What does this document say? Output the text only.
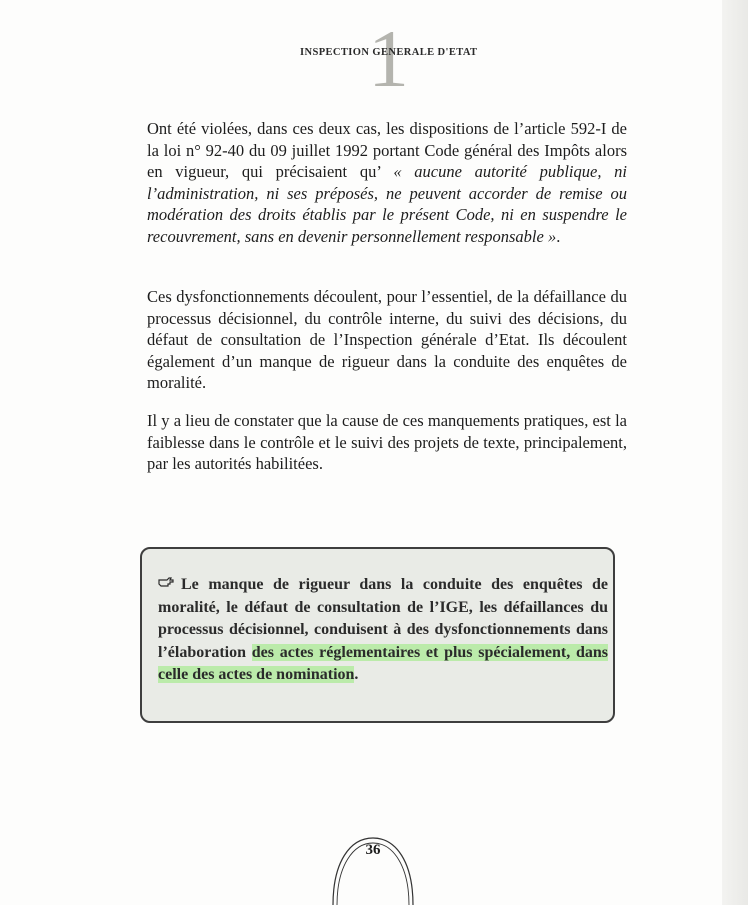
1
INSPECTION GENERALE D'ETAT

Ont été violées, dans ces deux cas, les dispositions de l’article 592-I de la loi n° 92-40 du 09 juillet 1992 portant Code général des Impôts alors en vigueur, qui précisaient qu’ « aucune autorité publique, ni l’administration, ni ses préposés, ne peuvent accorder de remise ou modération des droits établis par le présent Code, ni en suspendre le recouvrement, sans en devenir personnellement responsable ».

Ces dysfonctionnements découlent, pour l’essentiel, de la défaillance du processus décisionnel, du contrôle interne, du suivi des décisions, du défaut de consultation de l’Inspection générale d’Etat. Ils découlent également d’un manque de rigueur dans la conduite des enquêtes de moralité.

Il y a lieu de constater que la cause de ces manquements pratiques, est la faiblesse dans le contrôle et le suivi des projets de texte, principalement, par les autorités habilitées.

Le manque de rigueur dans la conduite des enquêtes de moralité, le défaut de consultation de l’IGE, les défaillances du processus décisionnel, conduisent à des dysfonctionnements dans l’élaboration des actes réglementaires et plus spécialement, dans celle des actes de nomination.
36
